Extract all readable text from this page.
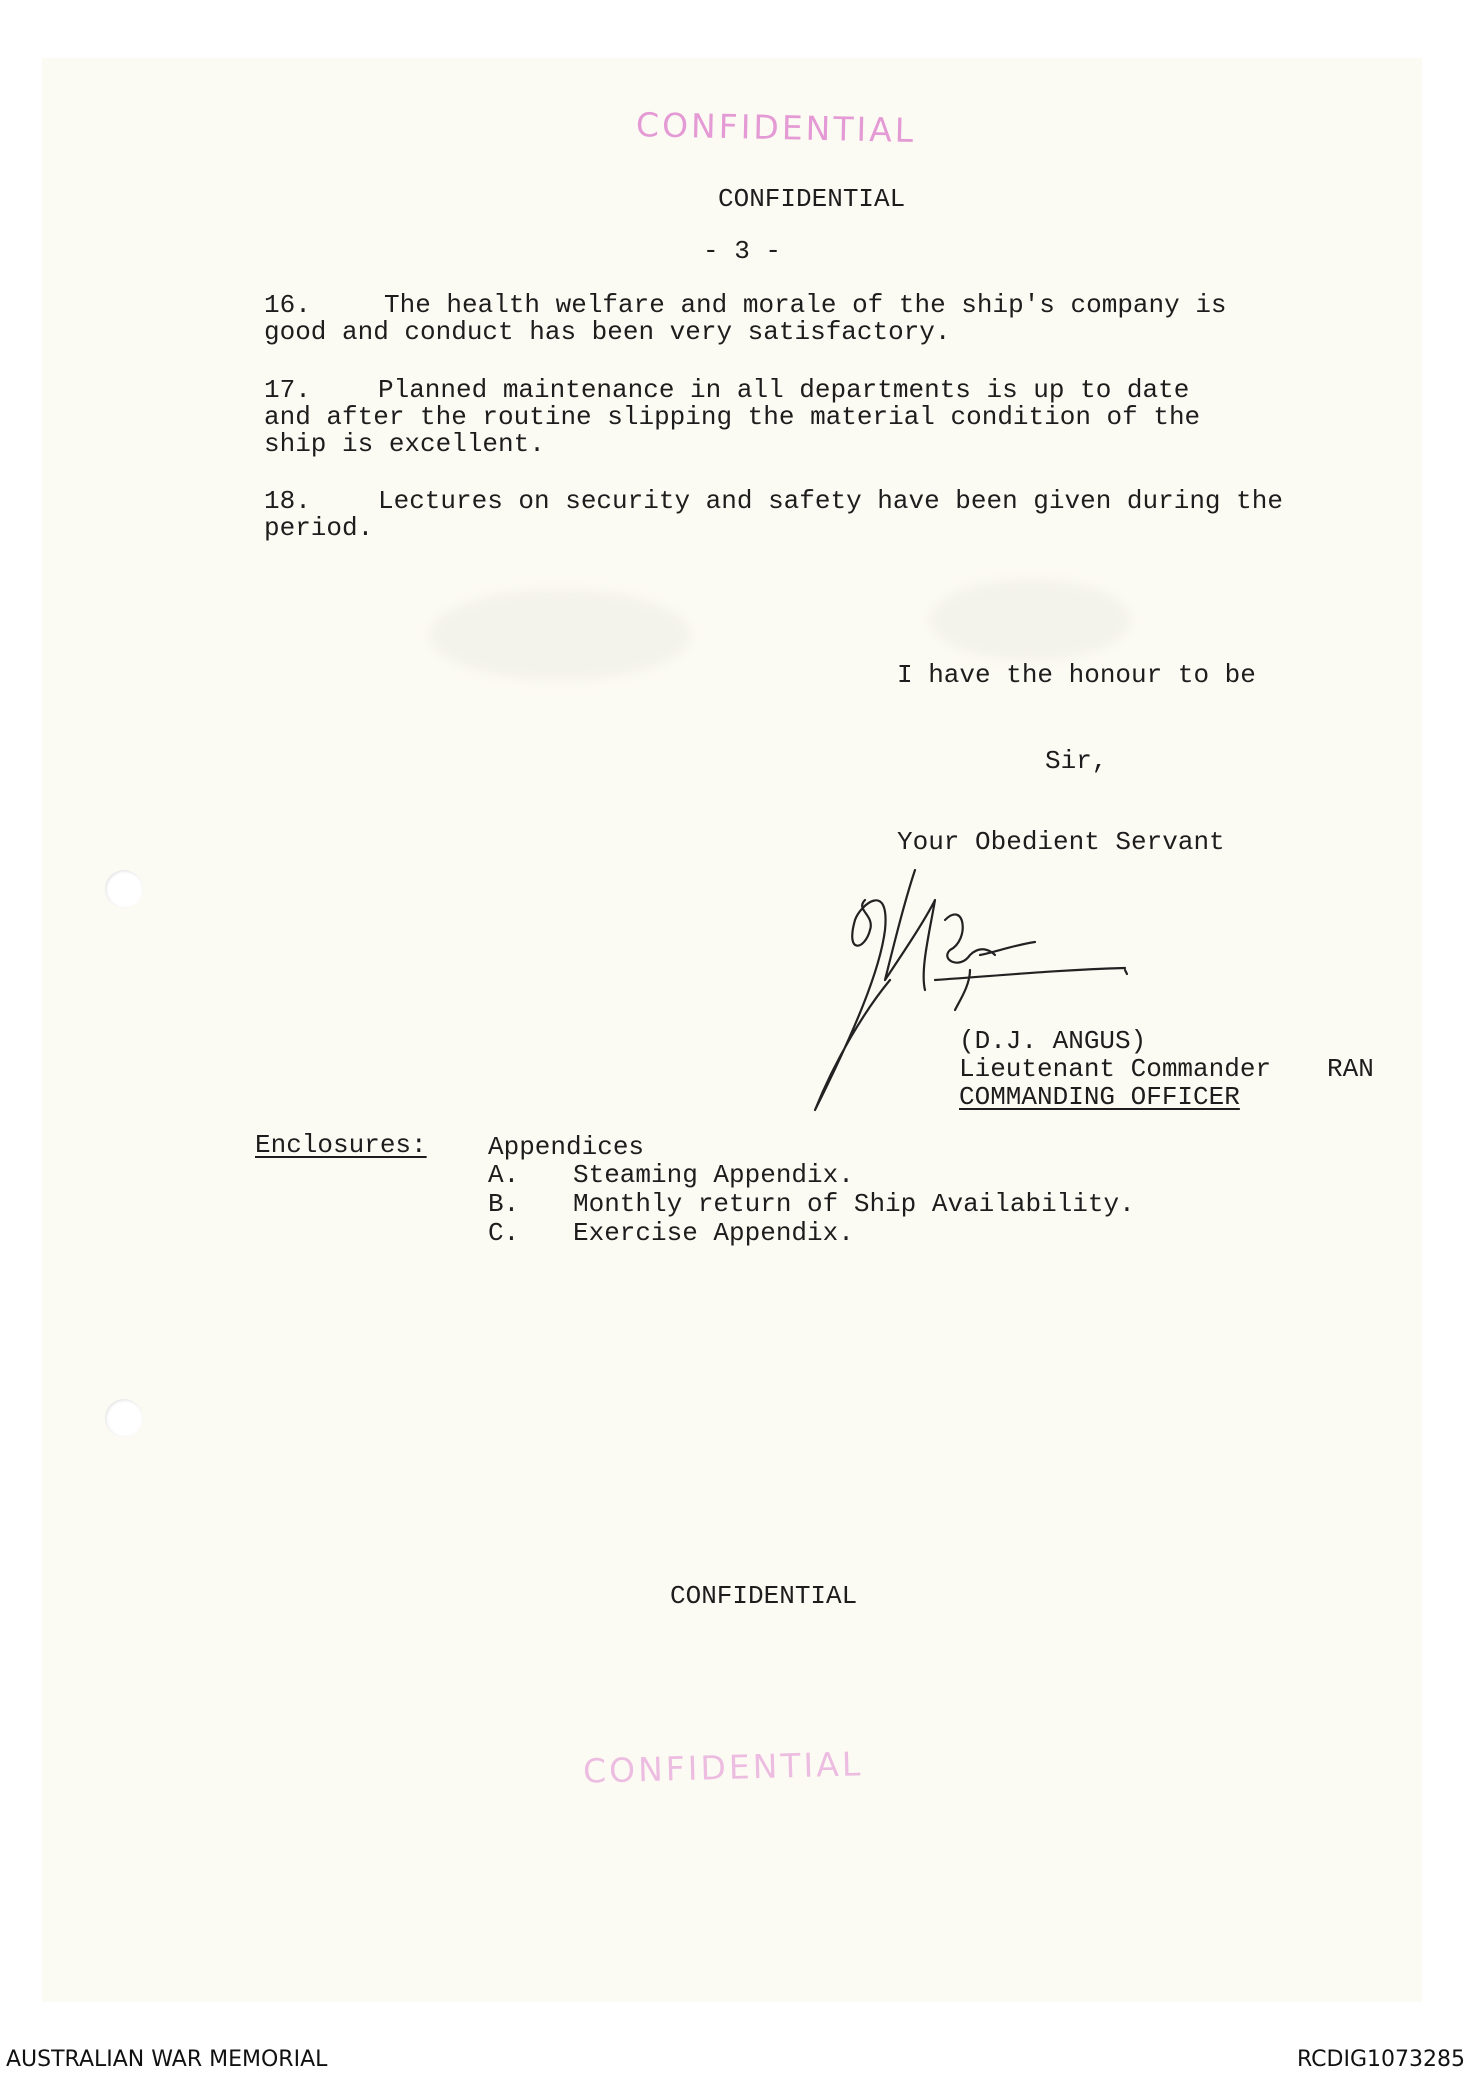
CONFIDENTIAL
CONFIDENTIAL
- 3 -

16.

	The health welfare and morale of the ship's company is

good and conduct has been very satisfactory.

17.

	Planned maintenance in all departments is up to date

and after the routine slipping the material condition of the

ship is excellent.

18.

	Lectures on security and safety have been given during the

period.

I have the honour to be
Sir,
Your Obedient Servant
(D.J. ANGUS)
Lieutenant Commander RAN
COMMANDING OFFICER
Enclosures: Appendices
A. Steaming Appendix.
B. Monthly return of Ship Availability.
C. Exercise Appendix.
CONFIDENTIAL
CONFIDENTIAL
AUSTRALIAN WAR MEMORIAL	RCDIG1073285
